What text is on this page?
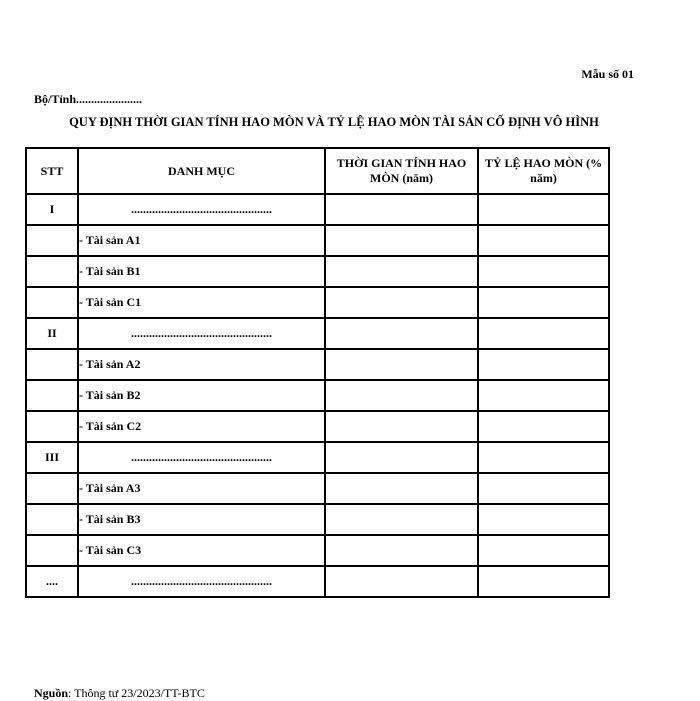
Mẫu số 01
Bộ/Tỉnh......................
QUY ĐỊNH THỜI GIAN TÍNH HAO MÒN VÀ TỶ LỆ HAO MÒN TÀI SẢN CỐ ĐỊNH VÔ HÌNH
STT	DANH MỤC	THỜI GIAN TÍNH HAO MÒN (năm)	TỶ LỆ HAO MÒN (% năm)
I	...............................................		
	- Tài sản A1		
	- Tài sản B1		
	- Tài sản C1		
II	...............................................		
	- Tài sản A2		
	- Tài sản B2		
	- Tài sản C2		
III	...............................................		
	- Tài sản A3		
	- Tài sản B3		
	- Tài sản C3		
....	...............................................		
Nguồn: Thông tư 23/2023/TT-BTC
